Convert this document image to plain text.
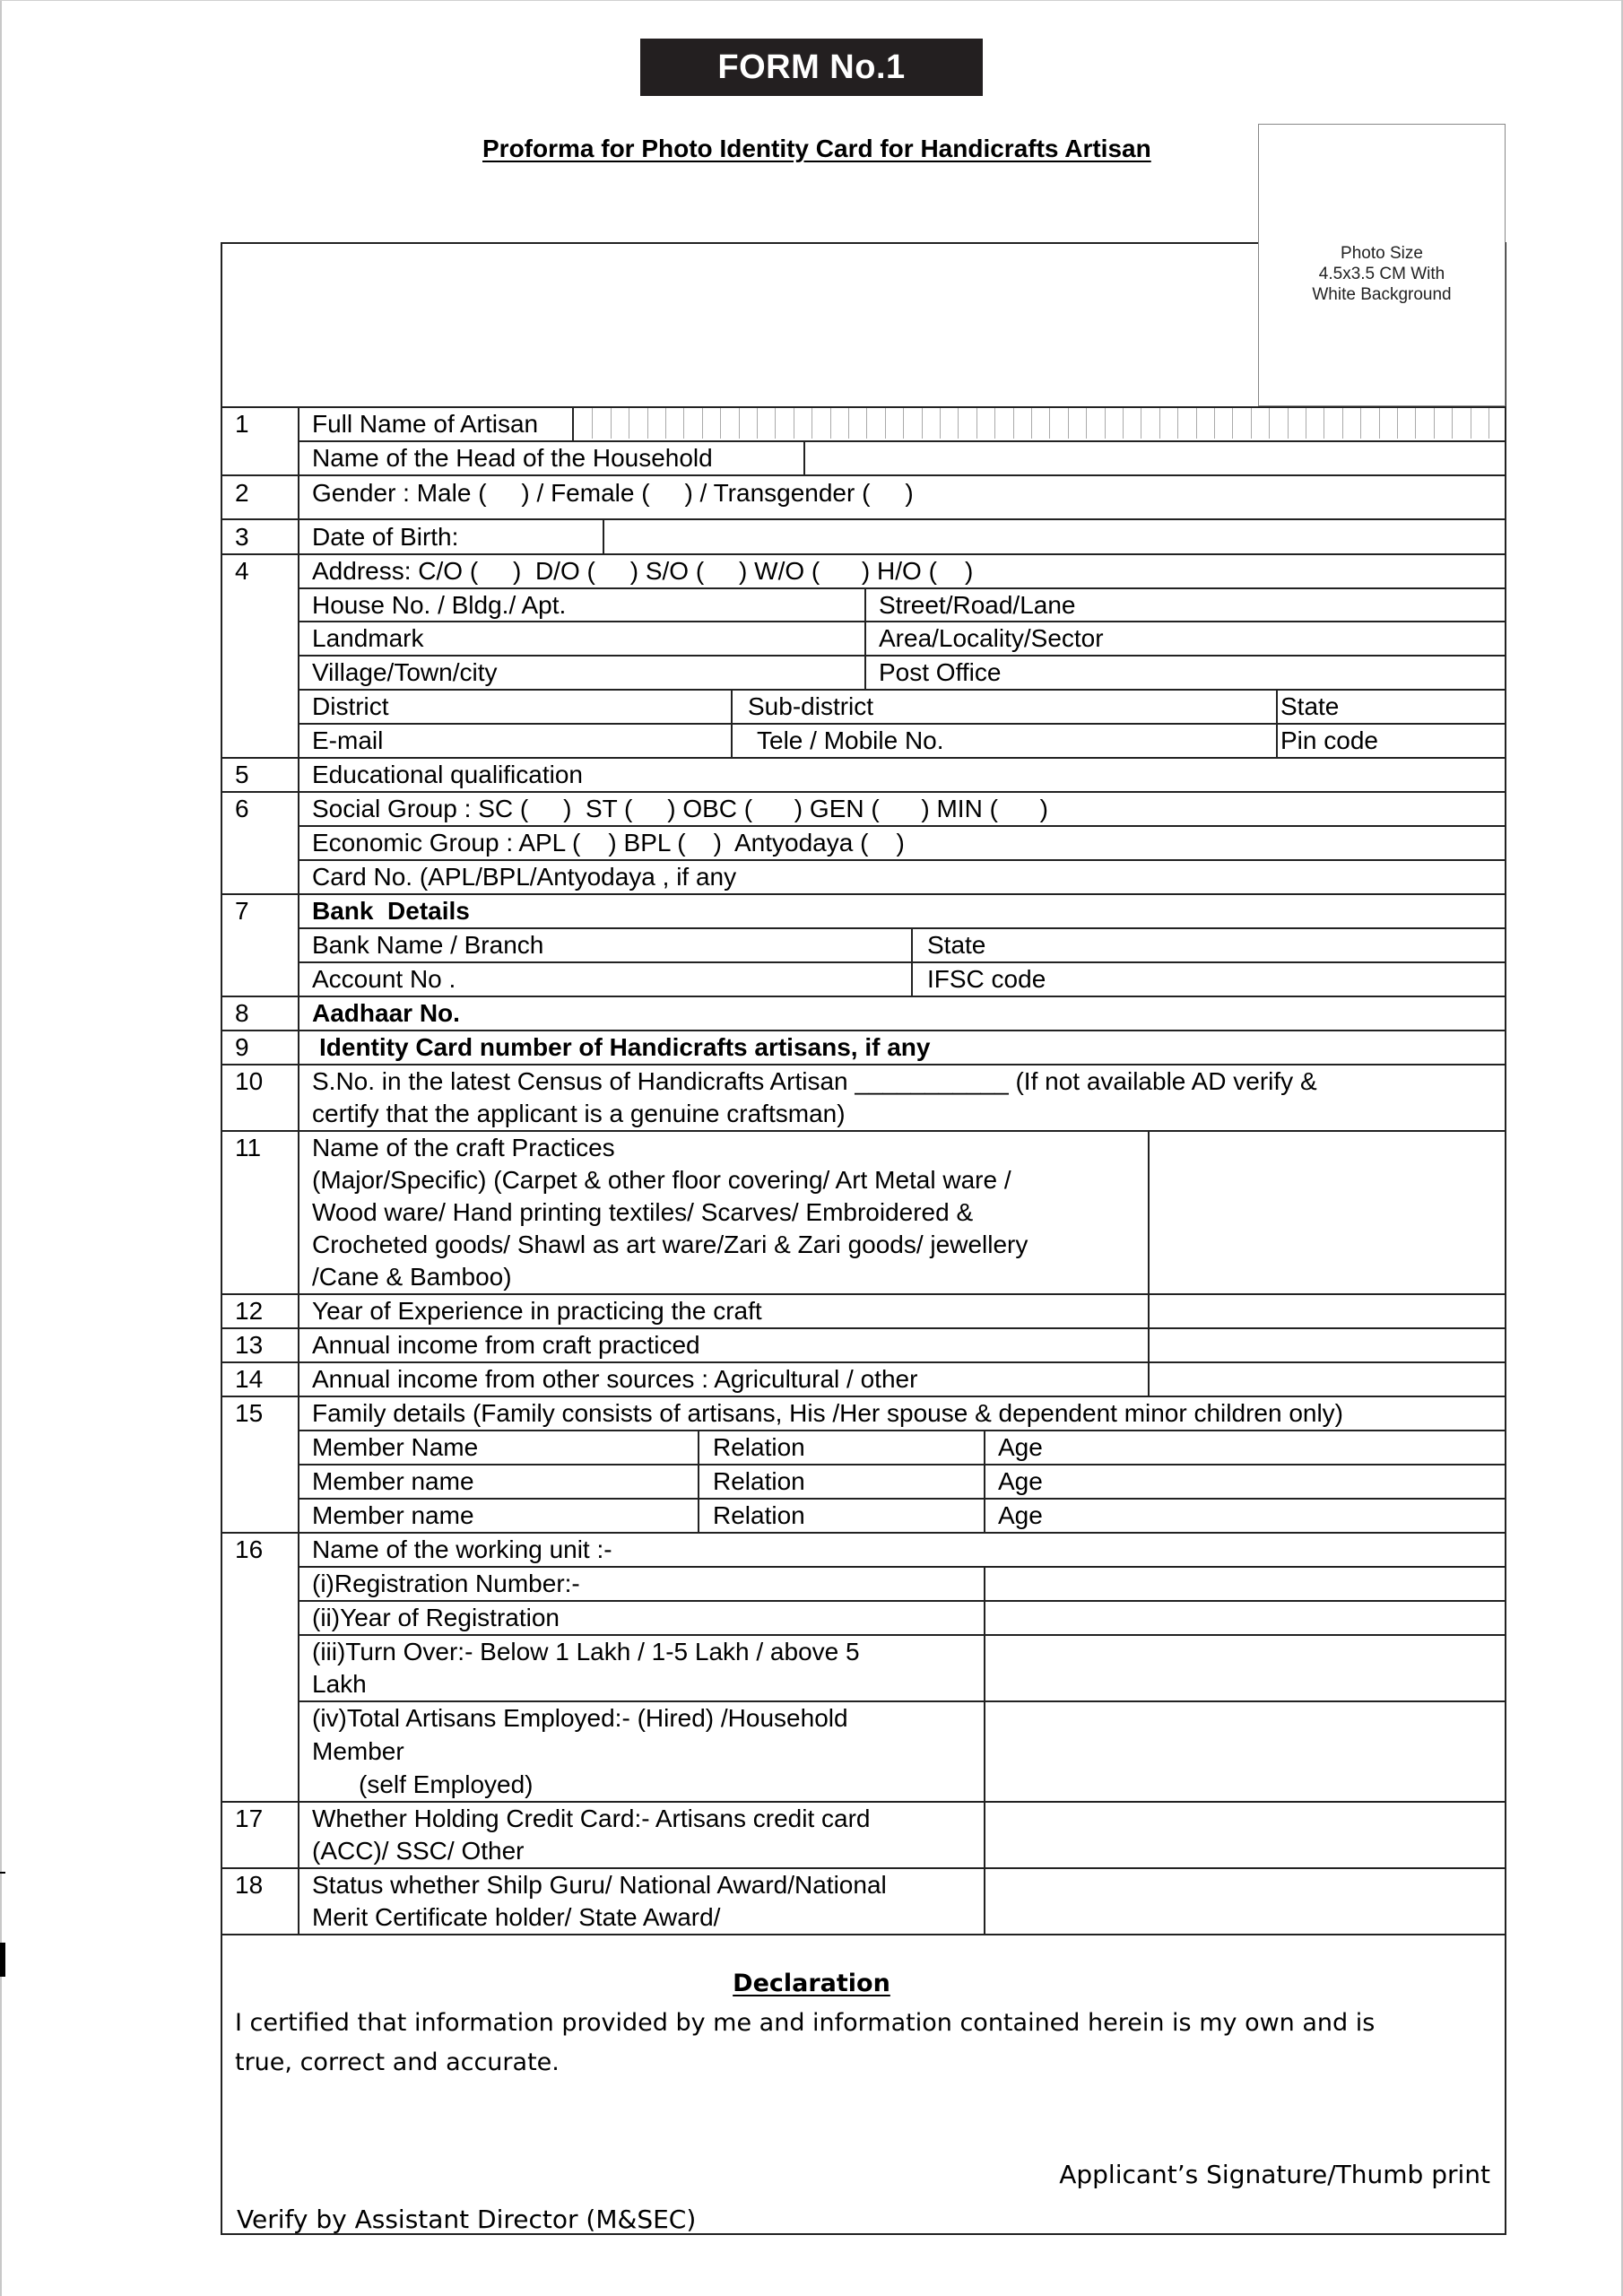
FORM No.1
Proforma for Photo Identity Card for Handicrafts Artisan
Photo Size
4.5x3.5 CM With
White Background
1	Full Name of Artisan
Name of the Head of the Household
2	Gender : Male (     ) / Female (     ) / Transgender (     )
3	Date of Birth:
4	Address: C/O (     )  D/O (     ) S/O (     ) W/O (      ) H/O (    )
House No. / Bldg./ Apt.	Street/Road/Lane
Landmark	Area/Locality/Sector
Village/Town/city	Post Office
District	Sub-district	State
E-mail	Tele / Mobile No.	Pin code
5	Educational qualification
6	Social Group : SC (     )  ST (     ) OBC (      ) GEN (      ) MIN (      )
Economic Group : APL (    ) BPL (    )  Antyodaya (    )
Card No. (APL/BPL/Antyodaya , if any
7	Bank  Details
Bank Name / Branch	State
Account No .	IFSC code
8	Aadhaar No.
9	Identity Card number of Handicrafts artisans, if any
10	S.No. in the latest Census of Handicrafts Artisan ___________ (If not available AD verify &
certify that the applicant is a genuine craftsman)
11	Name of the craft Practices
(Major/Specific) (Carpet & other floor covering/ Art Metal ware /
Wood ware/ Hand printing textiles/ Scarves/ Embroidered &
Crocheted goods/ Shawl as art ware/Zari & Zari goods/ jewellery
/Cane & Bamboo)
12	Year of Experience in practicing the craft
13	Annual income from craft practiced
14	Annual income from other sources : Agricultural / other
15	Family details (Family consists of artisans, His /Her spouse & dependent minor children only)
Member Name	Relation	Age
Member name	Relation	Age
Member name	Relation	Age
16	Name of the working unit :-
(i)Registration Number:-
(ii)Year of Registration
(iii)Turn Over:- Below 1 Lakh / 1-5 Lakh / above 5
Lakh
(iv)Total Artisans Employed:- (Hired) /Household
Member
(self Employed)
17	Whether Holding Credit Card:- Artisans credit card
(ACC)/ SSC/ Other
18	Status whether Shilp Guru/ National Award/National
Merit Certificate holder/ State Award/
Declaration
I certified that information provided by me and information contained herein is my own and is
true, correct and accurate.
Applicant’s Signature/Thumb print
Verify by Assistant Director (M&SEC)
